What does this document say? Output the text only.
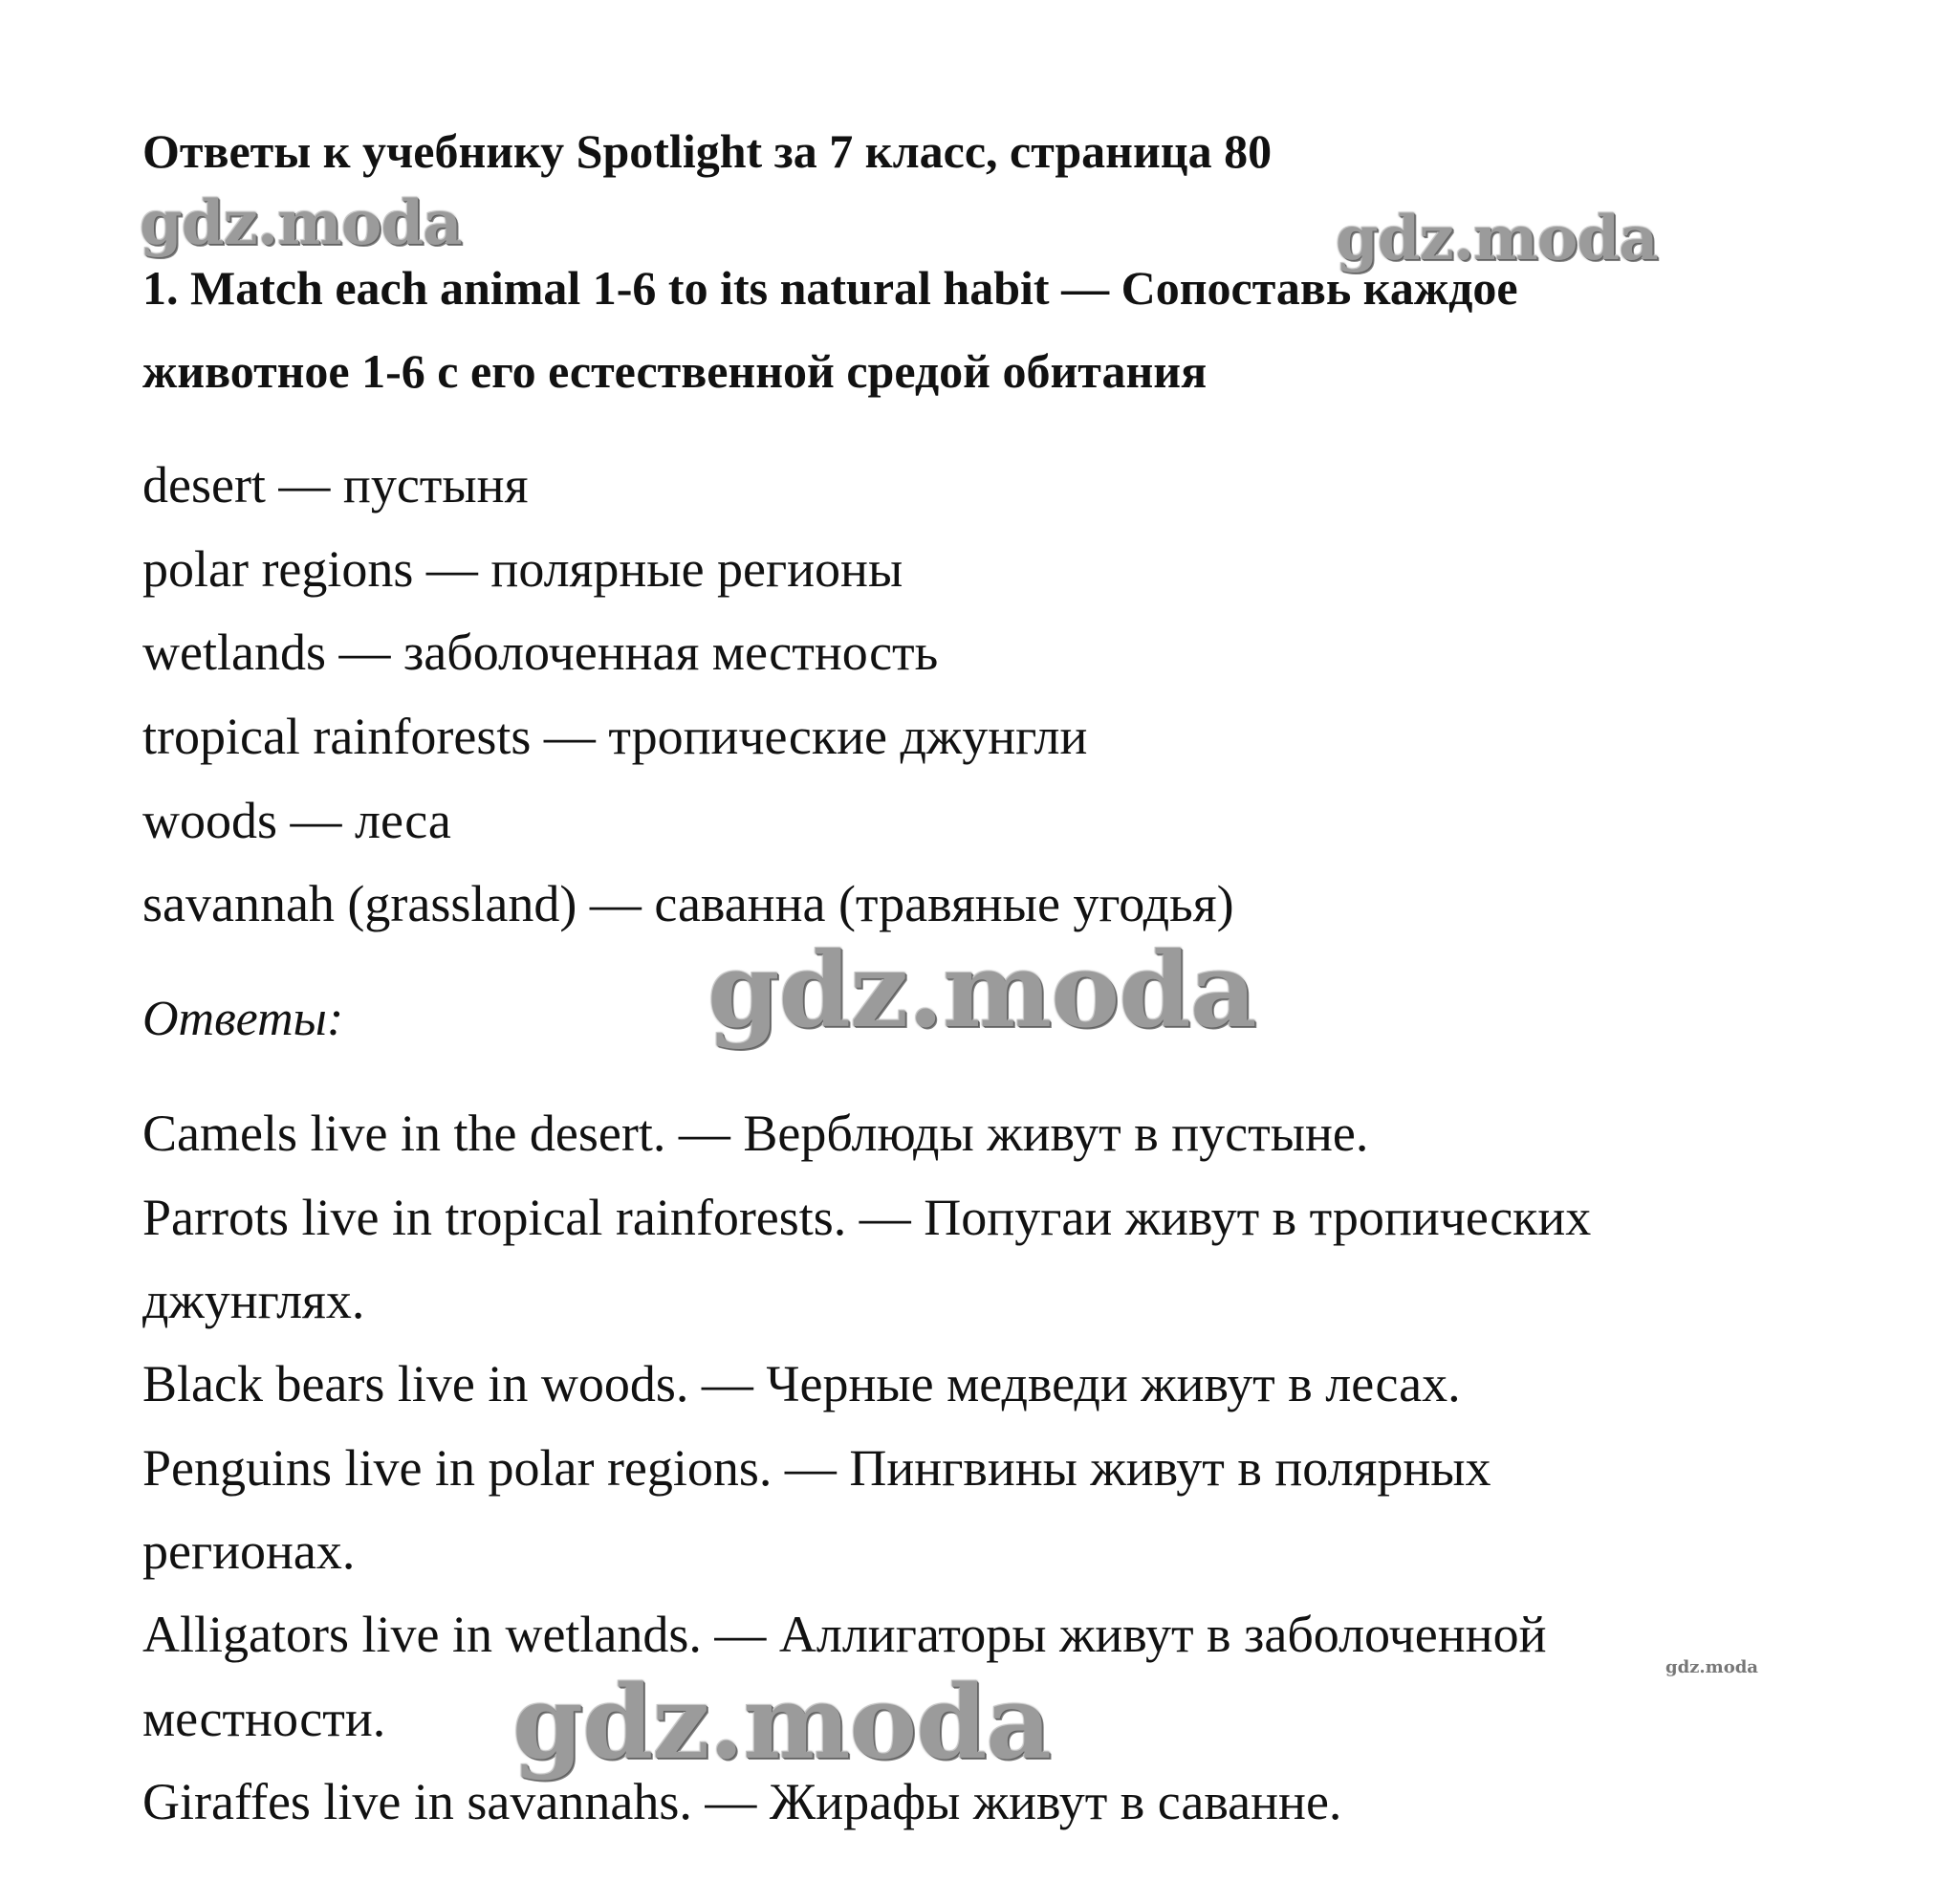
Ответы к учебнику Spotlight за 7 класс, страница 80
1. Match each animal 1-6 to its natural habit — Сопоставь каждое
животное 1-6 с его естественной средой обитания
desert — пустыня
polar regions — полярные регионы
wetlands — заболоченная местность
tropical rainforests — тропические джунгли
woods — леса
savannah (grassland) — саванна (травяные угодья)
Ответы:
Camels live in the desert. — Верблюды живут в пустыне.
Parrots live in tropical rainforests. — Попугаи живут в тропических
джунглях.
Black bears live in woods. — Черные медведи живут в лесах.
Penguins live in polar regions. — Пингвины живут в полярных
регионах.
Alligators live in wetlands. — Аллигаторы живут в заболоченной
местности.
Giraffes live in savannahs. — Жирафы живут в саванне.
gdz.moda	gdz.moda
gdz.moda
gdz.moda	gdz.moda
